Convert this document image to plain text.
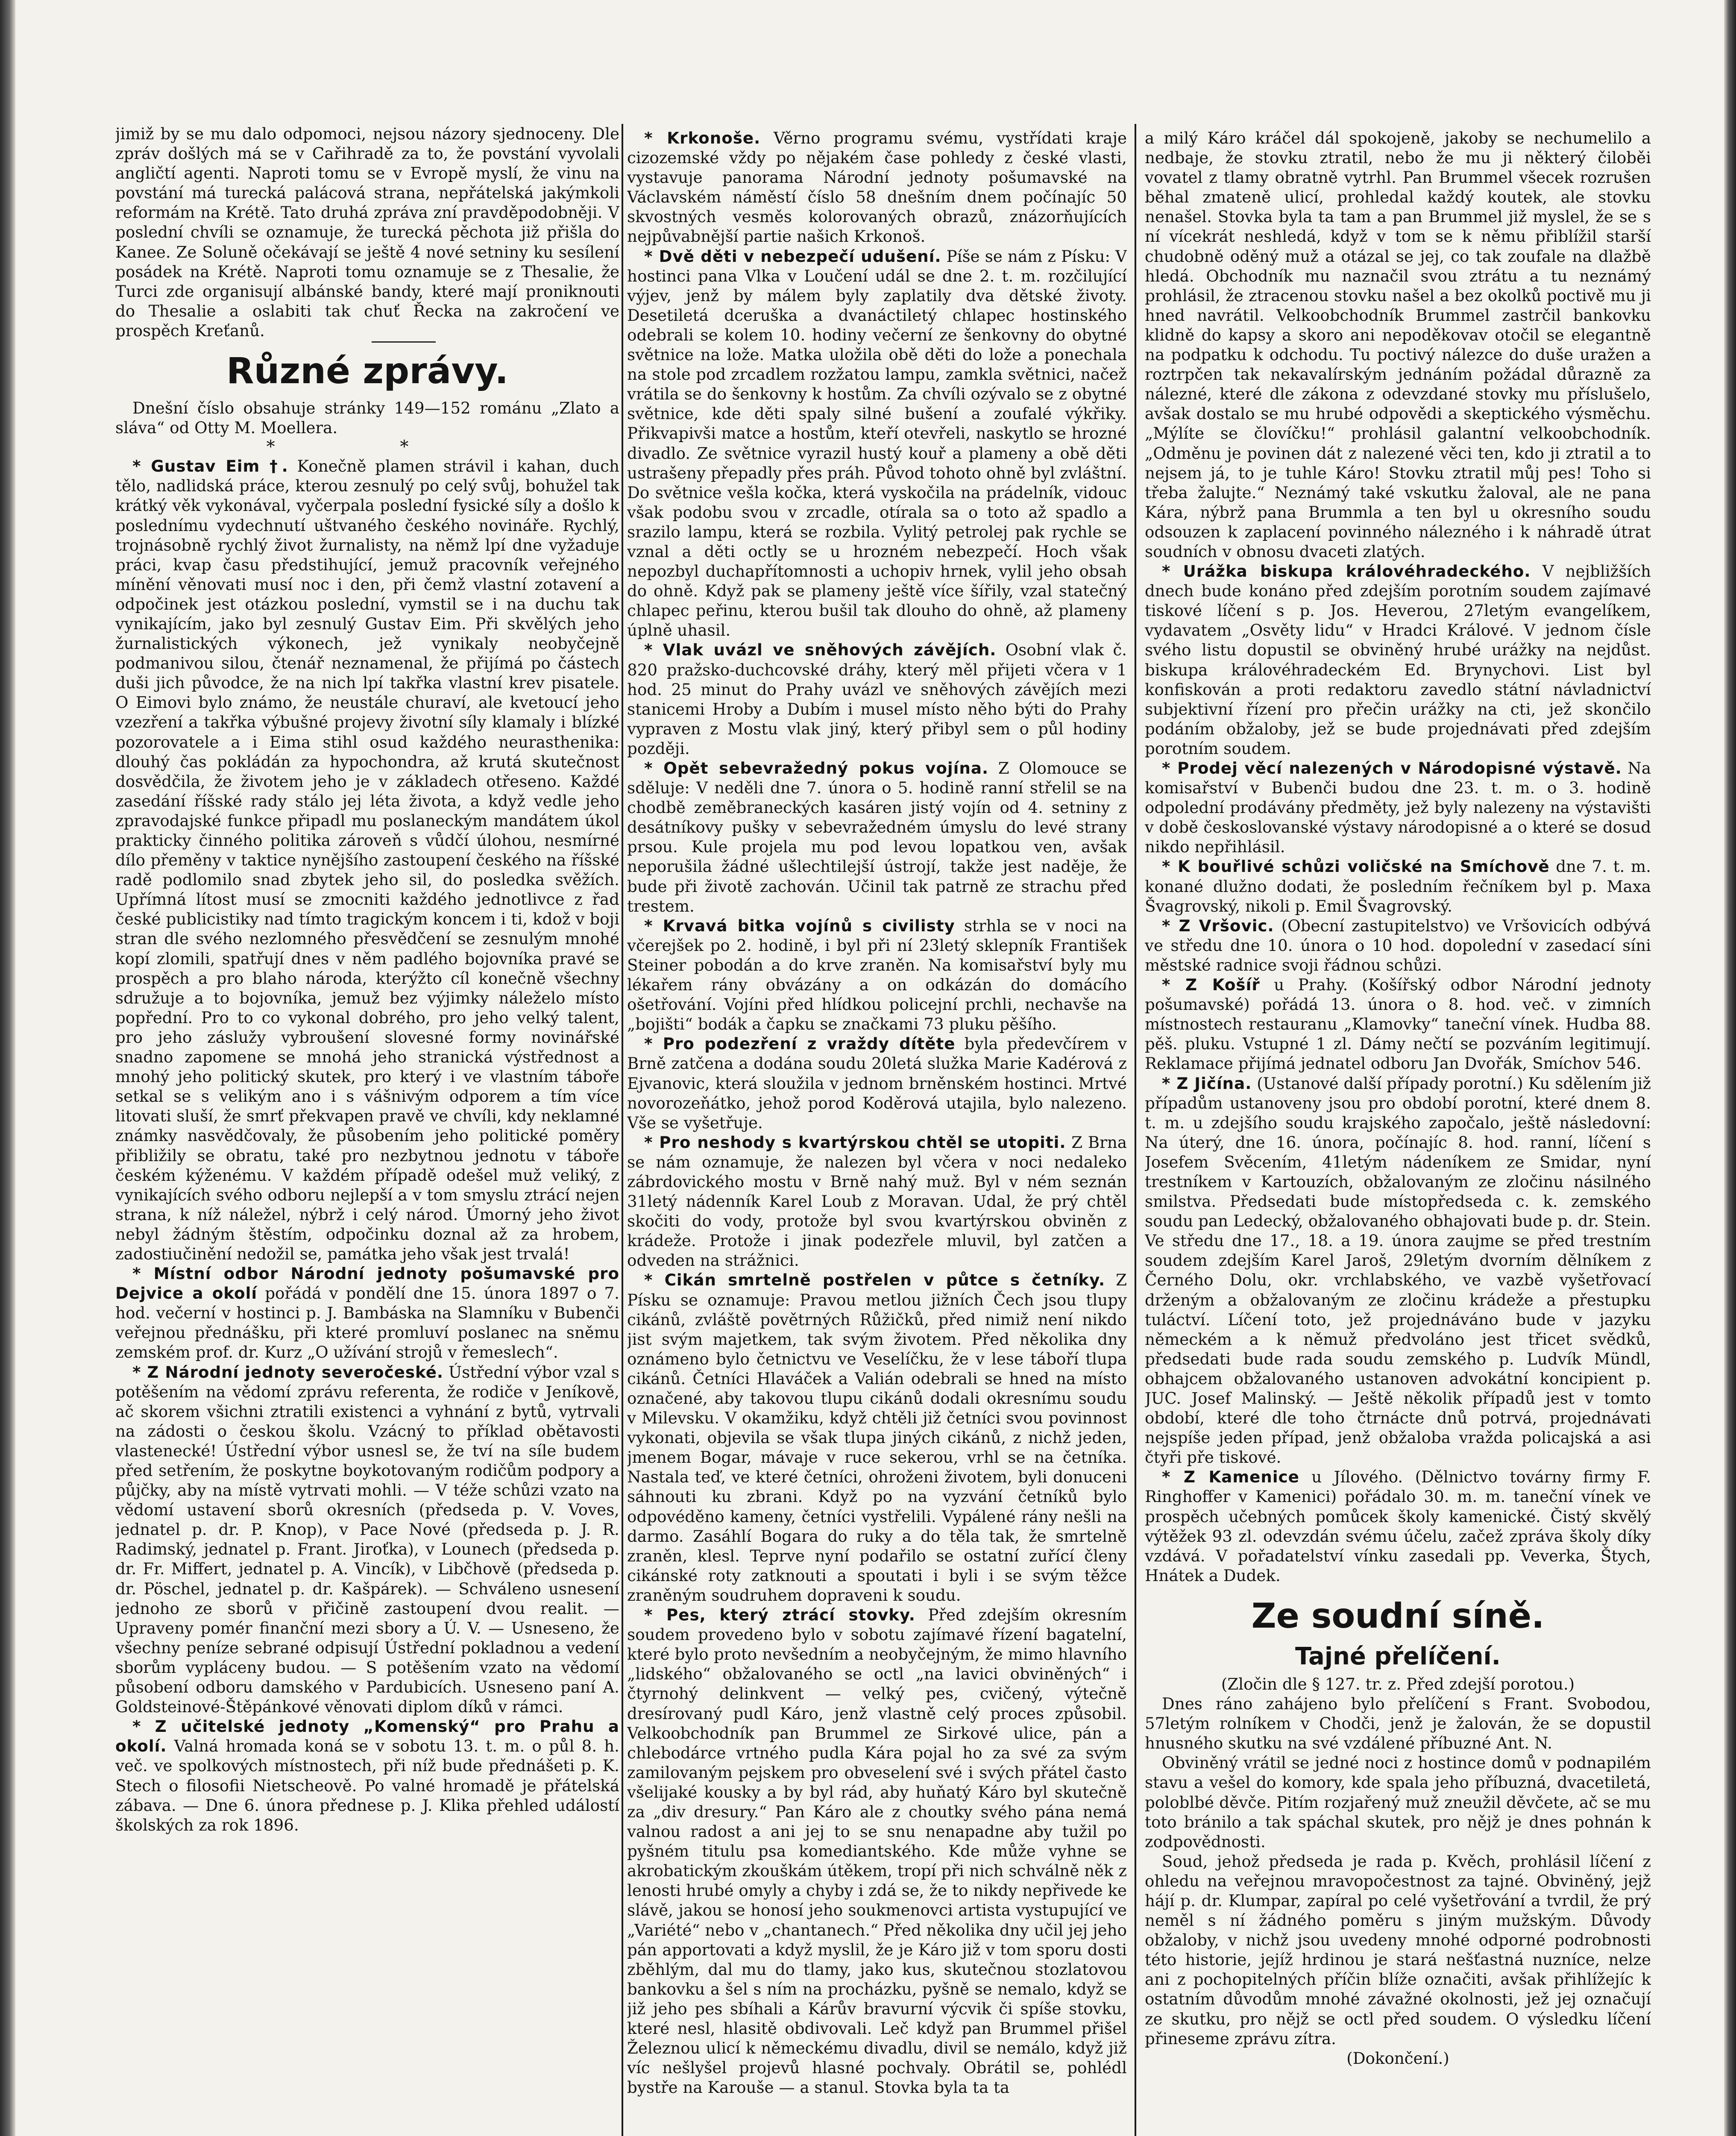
jimiž by se mu dalo odpomoci, nejsou názory sjednoceny. Dle zpráv došlých má se v Cařihradě za to, že povstání vyvolali angličtí agenti. Naproti tomu se v Evropě myslí, že vinu na povstání má turecká palácová strana, nepřátelská jakýmkoli reformám na Krétě. Tato druhá zpráva zní pravděpodobněji. V poslední chvíli se oznamuje, že turecká pěchota již přišla do Kanee. Ze Soluně očekávají se ještě 4 nové setniny ku sesílení posádek na Krétě. Naproti tomu oznamuje se z Thesalie, že Turci zde organisují albánské bandy, které mají proniknouti do Thesalie a oslabiti tak chuť Řecka na zakročení ve prospěch Kreťanů.

Různé zprávy.

Dnešní číslo obsahuje stránky 149—152 románu „Zlato a sláva“ od Otty M. Moellera.

* *

* Gustav Eim †. Konečně plamen strávil i kahan, duch tělo, nadlidská práce, kterou zesnulý po celý svůj, bohužel tak krátký věk vykonával, vyčerpala poslední fysické síly a došlo k poslednímu vydechnutí uštvaného českého novináře. Rychlý, trojnásobně rychlý život žurnalisty, na němž lpí dne vyžaduje práci, kvap času předstihující, jemuž pracovník veřejného mínění věnovati musí noc i den, při čemž vlastní zotavení a odpočinek jest otázkou poslední, vymstil se i na duchu tak vynikajícím, jako byl zesnulý Gustav Eim. Při skvělých jeho žurnalistických výkonech, jež vynikaly neobyčejně podmanivou silou, čtenář neznamenal, že přijímá po částech duši jich původce, že na nich lpí takřka vlastní krev pisatele. O Eimovi bylo známo, že neustále churaví, ale kvetoucí jeho vzezření a takřka výbušné projevy životní síly klamaly i blízké pozorovatele a i Eima stihl osud každého neurasthenika: dlouhý čas pokládán za hypochondra, až krutá skutečnost dosvědčila, že životem jeho je v základech otřeseno. Každé zasedání říšské rady stálo jej léta života, a když vedle jeho zpravodajské funkce připadl mu poslaneckým mandátem úkol prakticky činného politika zároveň s vůdčí úlohou, nesmírné dílo přeměny v taktice nynějšího zastoupení českého na říšské radě podlomilo snad zbytek jeho sil, do posledka svěžích. Upřímná lítost musí se zmocniti každého jednotlivce z řad české publicistiky nad tímto tragickým koncem i ti, kdož v boji stran dle svého nezlomného přesvědčení se zesnulým mnohé kopí zlomili, spatřují dnes v něm padlého bojovníka pravé se prospěch a pro blaho národa, kterýžto cíl konečně všechny sdružuje a to bojovníka, jemuž bez výjimky náleželo místo popřední. Pro to co vykonal dobrého, pro jeho velký talent, pro jeho záslužy vybroušení slovesné formy novinářské snadno zapomene se mnohá jeho stranická výstřednost a mnohý jeho politický skutek, pro který i ve vlastním táboře setkal se s velikým ano i s vášnivým odporem a tím více litovati sluší, že smrť překvapen pravě ve chvíli, kdy neklamné známky nasvědčovaly, že působením jeho politické poměry přibližily se obratu, také pro nezbytnou jednotu v táboře českém kýženému. V každém případě odešel muž veliký, z vynikajících svého odboru nejlepší a v tom smyslu ztrácí nejen strana, k níž náležel, nýbrž i celý národ. Úmorný jeho život nebyl žádným štěstím, odpočinku doznal až za hrobem, zadostiučinění nedožil se, památka jeho však jest trvalá!

* Místní odbor Národní jednoty pošumavské pro Dejvice a okolí pořádá v pondělí dne 15. února 1897 o 7. hod. večerní v hostinci p. J. Bambáska na Slamníku v Bubenči veřejnou přednášku, při které promluví poslanec na sněmu zemském prof. dr. Kurz „O užívání strojů v řemeslech“.

* Z Národní jednoty severočeské. Ústřední výbor vzal s potěšením na vědomí zprávu referenta, že rodiče v Jeníkově, ač skorem všichni ztratili existenci a vyhnání z bytů, vytrvali na zádosti o českou školu. Vzácný to příklad obětavosti vlastenecké! Ústřední výbor usnesl se, že tví na síle budem před setřením, že poskytne boykotovaným rodičům podpory a půjčky, aby na místě vytrvati mohli. — V téže schůzi vzato na vědomí ustavení sborů okresních (předseda p. V. Voves, jednatel p. dr. P. Knop), v Pace Nové (předseda p. J. R. Radimský, jednatel p. Frant. Jiroťka), v Lounech (předseda p. dr. Fr. Miffert, jednatel p. A. Vincík), v Libčhově (předseda p. dr. Pöschel, jednatel p. dr. Kašpárek). — Schváleno usnesení jednoho ze sborů v přičině zastoupení dvou realit. — Upraveny pomér finanční mezi sbory a Ú. V. — Usneseno, že všechny peníze sebrané odpisují Ústřední pokladnou a vedení sborům vypláceny budou. — S potěšením vzato na vědomí působení odboru damského v Pardubicích. Usneseno paní A. Goldsteinové-Štěpánkové věnovati diplom díků v rámci.

* Z učitelské jednoty „Komenský“ pro Prahu a okolí. Valná hromada koná se v sobotu 13. t. m. o půl 8. h. več. ve spolkových místnostech, při níž bude přednášeti p. K. Stech o filosofii Nietscheově. Po valné hromadě je přátelská zábava. — Dne 6. února přednese p. J. Klika přehled událostí školských za rok 1896.

* Krkonoše. Věrno programu svému, vystřídati kraje cizozemské vždy po nějakém čase pohledy z české vlasti, vystavuje panorama Národní jednoty pošumavské na Václavském náměstí číslo 58 dnešním dnem počínajíc 50 skvostných vesměs kolorovaných obrazů, znázorňujících nejpůvabnější partie našich Krkonoš.

* Dvě děti v nebezpečí udušení. Píše se nám z Písku: V hostinci pana Vlka v Loučení udál se dne 2. t. m. rozčilující výjev, jenž by málem byly zaplatily dva dětské životy. Desetiletá dceruška a dvanáctiletý chlapec hostinského odebrali se kolem 10. hodiny večerní ze šenkovny do obytné světnice na lože. Matka uložila obě děti do lože a ponechala na stole pod zrcadlem rozžatou lampu, zamkla světnici, načež vrátila se do šenkovny k hostům. Za chvíli ozývalo se z obytné světnice, kde děti spaly silné bušení a zoufalé výkřiky. Přikvapivši matce a hostům, kteří otevřeli, naskytlo se hrozné divadlo. Ze světnice vyrazil hustý kouř a plameny a obě děti ustrašeny přepadly přes práh. Původ tohoto ohně byl zvláštní. Do světnice vešla kočka, která vyskočila na prádelník, vidouc však podobu svou v zrcadle, otírala sa o toto až spadlo a srazilo lampu, která se rozbila. Vylitý petrolej pak rychle se vznal a děti octly se u hrozném nebezpečí. Hoch však nepozbyl duchapřítomnosti a uchopiv hrnek, vylil jeho obsah do ohně. Když pak se plameny ještě více šířily, vzal statečný chlapec peřinu, kterou bušil tak dlouho do ohně, až plameny úplně uhasil.

* Vlak uvázl ve sněhových závějích. Osobní vlak č. 820 pražsko-duchcovské dráhy, který měl přijeti včera v 1 hod. 25 minut do Prahy uvázl ve sněhových závějích mezi stanicemi Hroby a Dubím i musel místo něho býti do Prahy vypraven z Mostu vlak jiný, který přibyl sem o půl hodiny později.

* Opět sebevražedný pokus vojína. Z Olomouce se sděluje: V neděli dne 7. února o 5. hodině ranní střelil se na chodbě zeměbraneckých kasáren jistý vojín od 4. setniny z desátníkovy pušky v sebevražedném úmyslu do levé strany prsou. Kule projela mu pod levou lopatkou ven, avšak neporušila žádné ušlechtilejší ústrojí, takže jest naděje, že bude při životě zachován. Učinil tak patrně ze strachu před trestem.

* Krvavá bitka vojínů s civilisty strhla se v noci na včerejšek po 2. hodině, i byl při ní 23letý sklepník František Steiner pobodán a do krve zraněn. Na komisařství byly mu lékařem rány obvázány a on odkázán do domácího ošetřování. Vojíni před hlídkou policejní prchli, nechavše na „bojišti“ bodák a čapku se značkami 73 pluku pěšího.

* Pro podezření z vraždy dítěte byla předevčírem v Brně zatčena a dodána soudu 20letá služka Marie Kadérová z Ejvanovic, která sloužila v jednom brněnském hostinci. Mrtvé novorozeňátko, jehož porod Koděrová utajila, bylo nalezeno. Vše se vyšetřuje.

* Pro neshody s kvartýrskou chtěl se utopiti. Z Brna se nám oznamuje, že nalezen byl včera v noci nedaleko zábrdovického mostu v Brně nahý muž. Byl v ném seznán 31letý nádenník Karel Loub z Moravan. Udal, že prý chtěl skočiti do vody, protože byl svou kvartýrskou obviněn z krádeže. Protože i jinak podezřele mluvil, byl zatčen a odveden na strážnici.

* Cikán smrtelně postřelen v půtce s četníky. Z Písku se oznamuje: Pravou metlou jižních Čech jsou tlupy cikánů, zvláště povětrných Růžičků, před nimiž není nikdo jist svým majetkem, tak svým životem. Před několika dny oznámeno bylo četnictvu ve Veselíčku, že v lese táboří tlupa cikánů. Četníci Hlaváček a Valián odebrali se hned na místo označené, aby takovou tlupu cikánů dodali okresnímu soudu v Milevsku. V okamžiku, když chtěli již četníci svou povinnost vykonati, objevila se však tlupa jiných cikánů, z nichž jeden, jmenem Bogar, mávaje v ruce sekerou, vrhl se na četníka. Nastala teď, ve které četníci, ohroženi životem, byli donuceni sáhnouti ku zbrani. Když po na vyzvání četníků bylo odpovéděno kameny, četníci vystřelili. Vypálené rány nešli na darmo. Zasáhlí Bogara do ruky a do těla tak, že smrtelně zraněn, klesl. Teprve nyní podařilo se ostatní zuřící členy cikánské roty zatknouti a spoutati i byli i se svým těžce zraněným soudruhem dopraveni k soudu.

* Pes, který ztrácí stovky. Před zdejším okresním soudem provedeno bylo v sobotu zajímavé řízení bagatelní, které bylo proto nevšedním a neobyčejným, že mimo hlavního „lidského“ obžalovaného se octl „na lavici obviněných“ i čtyrnohý delinkvent — velký pes, cvičený, výtečně dresírovaný pudl Káro, jenž vlastně celý proces způsobil. Velkoobchodník pan Brummel ze Sirkové ulice, pán a chlebodárce vrtného pudla Kára pojal ho za své za svým zamilovaným pejskem pro obveselení své i svých přátel často všelijaké kousky a by byl rád, aby huňatý Káro byl skutečně za „div dresury.“ Pan Káro ale z choutky svého pána nemá valnou radost a ani jej to se snu nenapadne aby tužil po pyšném titulu psa komediantského. Kde může vyhne se akrobatickým zkouškám útěkem, tropí při nich schválně něk z lenosti hrubé omyly a chyby i zdá se, že to nikdy nepřivede ke slávě, jakou se honosí jeho soukmenovci artista vystupující ve „Variété“ nebo v „chantanech.“ Před několika dny učil jej jeho pán apportovati a když myslil, že je Káro již v tom sporu dosti zběhlým, dal mu do tlamy, jako kus, skutečnou stozlatovou bankovku a šel s ním na procházku, pyšně se nemalo, když se již jeho pes sbíhali a Kárův bravurní výcvik či spíše stovku, které nesl, hlasitě obdivovali. Leč když pan Brummel přišel Železnou ulicí k německému divadlu, divil se nemálo, když již víc nešlyšel projevů hlasné pochvaly. Obrátil se, pohlédl bystře na Karouše — a stanul. Stovka byla ta ta

a milý Káro kráčel dál spokojeně, jakoby se nechumelilo a nedbaje, že stovku ztratil, nebo že mu ji některý čiloběi vovatel z tlamy obratně vytrhl. Pan Brummel všecek rozrušen běhal zmateně ulicí, prohledal každý koutek, ale stovku nenašel. Stovka byla ta tam a pan Brummel již myslel, že se s ní vícekrát neshledá, když v tom se k němu přiblížil starší chudobně oděný muž a otázal se jej, co tak zoufale na dlažbě hledá. Obchodník mu naznačil svou ztrátu a tu neznámý prohlásil, že ztracenou stovku našel a bez okolků poctivě mu ji hned navrátil. Velkoobchodník Brummel zastrčil bankovku klidně do kapsy a skoro ani nepoděkovav otočil se elegantně na podpatku k odchodu. Tu poctivý nálezce do duše uražen a roztrpčen tak nekavalírským jednáním požádal důrazně za nálezné, které dle zákona z odevzdané stovky mu příslušelo, avšak dostalo se mu hrubé odpovědi a skeptického výsměchu. „Mýlíte se človíčku!“ prohlásil galantní velkoobchodník. „Odměnu je povinen dát z nalezené věci ten, kdo ji ztratil a to nejsem já, to je tuhle Káro! Stovku ztratil můj pes! Toho si třeba žalujte.“ Neznámý také vskutku žaloval, ale ne pana Kára, nýbrž pana Brummla a ten byl u okresního soudu odsouzen k zaplacení povinného nálezného i k náhradě útrat soudních v obnosu dvaceti zlatých.

* Urážka biskupa královéhradeckého. V nejbližších dnech bude konáno před zdejším porotním soudem zajímavé tiskové líčení s p. Jos. Heverou, 27letým evangelíkem, vydavatem „Osvěty lidu“ v Hradci Králové. V jednom čísle svého listu dopustil se obviněný hrubé urážky na nejdůst. biskupa královéhradeckém Ed. Brynychovi. List byl konfiskován a proti redaktoru zavedlo státní návladnictví subjektivní řízení pro přečin urážky na cti, jež skončilo podáním obžaloby, jež se bude projednávati před zdejším porotním soudem.

* Prodej věcí nalezených v Národopisné výstavě. Na komisařství v Bubenči budou dne 23. t. m. o 3. hodině odpolední prodávány předměty, jež byly nalezeny na výstavišti v době českoslovanské výstavy národopisné a o které se dosud nikdo nepřihlásil.

* K bouřlivé schůzi voličské na Smíchově dne 7. t. m. konané dlužno dodati, že posledním řečníkem byl p. Maxa Švagrovský, nikoli p. Emil Švagrovský.

* Z Vršovic. (Obecní zastupitelstvo) ve Vršovicích odbývá ve středu dne 10. února o 10 hod. dopolední v zasedací síni městské radnice svoji řádnou schůzi.

* Z Košíř u Prahy. (Košířský odbor Národní jednoty pošumavské) pořádá 13. února o 8. hod. več. v zimních místnostech restauranu „Klamovky“ taneční vínek. Hudba 88. pěš. pluku. Vstupné 1 zl. Dámy nečtí se pozváním legitimují. Reklamace přijímá jednatel odboru Jan Dvořák, Smíchov 546.

* Z Jičína. (Ustanové další případy porotní.) Ku sdělením již případům ustanoveny jsou pro období porotní, které dnem 8. t. m. u zdejšího soudu krajského započalo, ještě následovní: Na úterý, dne 16. února, počínajíc 8. hod. ranní, líčení s Josefem Svěcením, 41letým nádeníkem ze Smidar, nyní trestníkem v Kartouzích, obžalovaným ze zločinu násilného smilstva. Předsedati bude místopředseda c. k. zemského soudu pan Ledecký, obžalovaného obhajovati bude p. dr. Stein. Ve středu dne 17., 18. a 19. února zaujme se před trestním soudem zdejším Karel Jaroš, 29letým dvorním dělníkem z Černého Dolu, okr. vrchlabského, ve vazbě vyšetřovací drženým a obžalovaným ze zločinu krádeže a přestupku tuláctví. Líčení toto, jež projednáváno bude v jazyku německém a k němuž předvoláno jest třicet svědků, předsedati bude rada soudu zemského p. Ludvík Mündl, obhajcem obžalovaného ustanoven advokátní koncipient p. JUC. Josef Malinský. — Ještě několik případů jest v tomto období, které dle toho čtrnácte dnů potrvá, projednávati nejspíše jeden případ, jenž obžaloba vražda policajská a asi čtyři pře tiskové.

* Z Kamenice u Jílového. (Dělnictvo továrny firmy F. Ringhoffer v Kamenici) pořádalo 30. m. m. taneční vínek ve prospěch učebných pomůcek školy kamenické. Čistý skvělý výtěžek 93 zl. odevzdán svému účelu, začež zpráva školy díky vzdává. V pořadatelství vínku zasedali pp. Veverka, Štych, Hnátek a Dudek.

Ze soudní síně.
Tajné přelíčení.

(Zločin dle § 127. tr. z. Před zdejší porotou.)

Dnes ráno zahájeno bylo přelíčení s Frant. Svobodou, 57letým rolníkem v Chodči, jenž je žalován, že se dopustil hnusného skutku na své vzdálené příbuzné Ant. N.

Obviněný vrátil se jedné noci z hostince domů v podnapilém stavu a vešel do komory, kde spala jeho příbuzná, dvacetiletá, poloblbé děvče. Pitím rozjařený muž zneužil děvčete, ač se mu toto bránilo a tak spáchal skutek, pro nějž je dnes pohnán k zodpovědnosti.

Soud, jehož předseda je rada p. Kvěch, prohlásil líčení z ohledu na veřejnou mravopočestnost za tajné. Obviněný, jejž hájí p. dr. Klumpar, zapíral po celé vyšetřování a tvrdil, že prý neměl s ní žádného poměru s jiným mužským. Důvody obžaloby, v nichž jsou uvedeny mnohé odporné podrobnosti této historie, jejíž hrdinou je stará nešťastná nuzníce, nelze ani z pochopitelných příčin blíže označiti, avšak přihlížejíc k ostatním důvodům mnohé závažné okolnosti, jež jej označují ze skutku, pro nějž se octl před soudem. O výsledku líčení přineseme zprávu zítra.

(Dokončení.)
